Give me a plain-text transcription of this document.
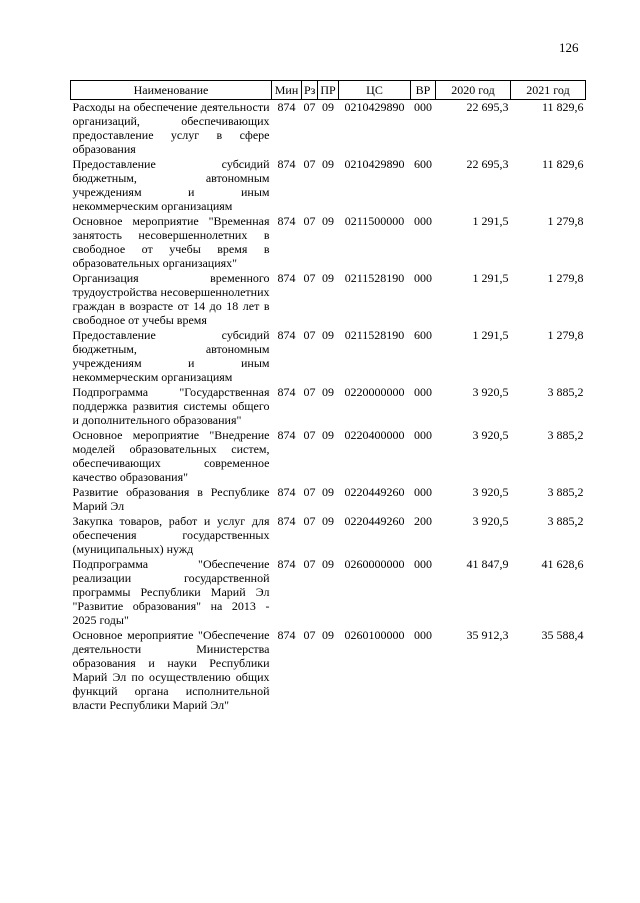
126
Наименование	Мин	Рз	ПР	ЦС	ВР	2020 год	2021 год
Расходы на обеспечение деятельности организаций, обеспечивающих предоставление услуг в сфере образования	874	07	09	0210429890	000	22 695,3	11 829,6
Предоставление субсидий бюджетным, автономным учреждениям и иным некоммерческим организациям	874	07	09	0210429890	600	22 695,3	11 829,6
Основное мероприятие "Временная занятость несовершеннолетних в свободное от учебы время в образовательных организациях"	874	07	09	0211500000	000	1 291,5	1 279,8
Организация временного трудоустройства несовершеннолетних граждан в возрасте от 14 до 18 лет в свободное от учебы время	874	07	09	0211528190	000	1 291,5	1 279,8
Предоставление субсидий бюджетным, автономным учреждениям и иным некоммерческим организациям	874	07	09	0211528190	600	1 291,5	1 279,8
Подпрограмма "Государственная поддержка развития системы общего и дополнительного образования"	874	07	09	0220000000	000	3 920,5	3 885,2
Основное мероприятие "Внедрение моделей образовательных систем, обеспечивающих современное качество образования"	874	07	09	0220400000	000	3 920,5	3 885,2
Развитие образования в Республике Марий Эл	874	07	09	0220449260	000	3 920,5	3 885,2
Закупка товаров, работ и услуг для обеспечения государственных (муниципальных) нужд	874	07	09	0220449260	200	3 920,5	3 885,2
Подпрограмма "Обеспечение реализации государственной программы Республики Марий Эл "Развитие образования" на 2013 - 2025 годы"	874	07	09	0260000000	000	41 847,9	41 628,6
Основное мероприятие "Обеспечение деятельности Министерства образования и науки Республики Марий Эл по осуществлению общих функций органа исполнительной власти Республики Марий Эл"	874	07	09	0260100000	000	35 912,3	35 588,4
